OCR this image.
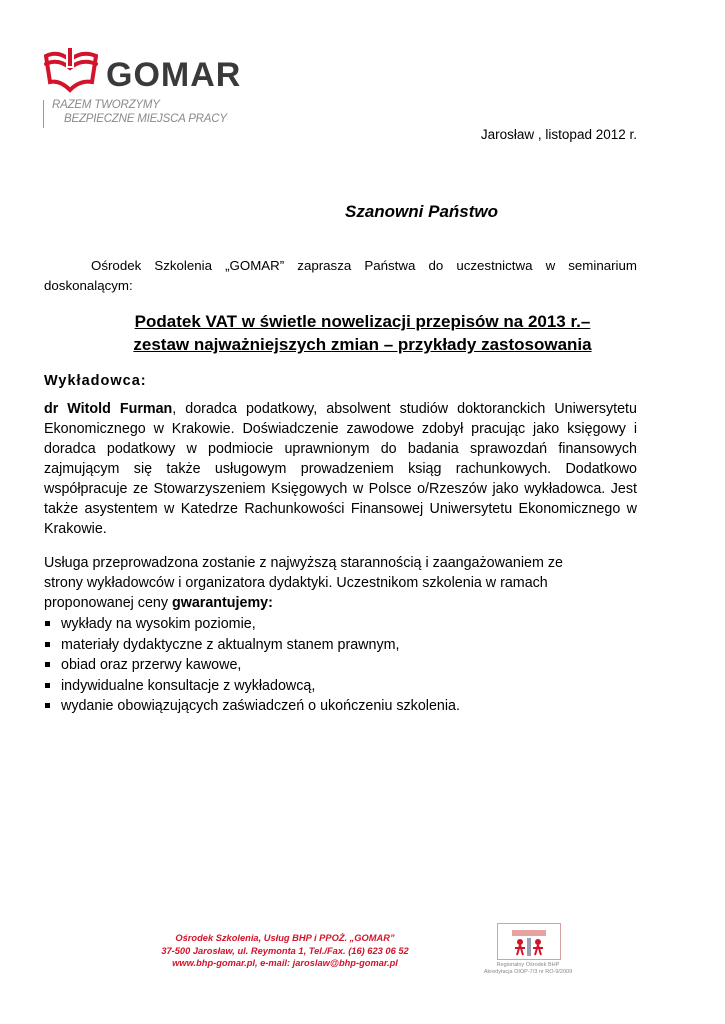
GOMAR
RAZEM TWORZYMY
BEZPIECZNE MIEJSCA PRACY
Jarosław , listopad 2012 r.
Szanowni Państwo
Ośrodek Szkolenia „GOMAR” zaprasza Państwa do uczestnictwa w seminarium doskonalącym:
Podatek VAT w świetle nowelizacji przepisów na 2013 r.–
zestaw najważniejszych zmian – przykłady zastosowania
Wykładowca:
dr Witold Furman, doradca podatkowy, absolwent studiów doktoranckich Uniwersytetu Ekonomicznego w Krakowie. Doświadczenie zawodowe zdobył pracując jako księgowy i doradca podatkowy w podmiocie uprawnionym do badania sprawozdań finansowych zajmującym się także usługowym prowadzeniem ksiąg rachunkowych. Dodatkowo współpracuje ze Stowarzyszeniem Księgowych w Polsce o/Rzeszów jako wykładowca. Jest także asystentem w Katedrze Rachunkowości Finansowej Uniwersytetu Ekonomicznego w Krakowie.
Usługa przeprowadzona zostanie z najwyższą starannością i zaangażowaniem ze strony wykładowców i organizatora dydaktyki. Uczestnikom szkolenia w ramach proponowanej ceny gwarantujemy:
wykłady na wysokim poziomie,
materiały dydaktyczne z aktualnym stanem prawnym,
obiad oraz przerwy kawowe,
indywidualne konsultacje z wykładowcą,
wydanie obowiązujących zaświadczeń o ukończeniu szkolenia.
Ośrodek Szkolenia, Usług BHP i PPOŻ. „GOMAR”
37-500 Jarosław, ul. Reymonta 1, Tel./Fax. (16) 623 06 52
www.bhp-gomar.pl, e-mail: jaroslaw@bhp-gomar.pl	Regionalny Ośrodek BHP
Akredytacja OIOP-7/3 nr RO-9/2009
